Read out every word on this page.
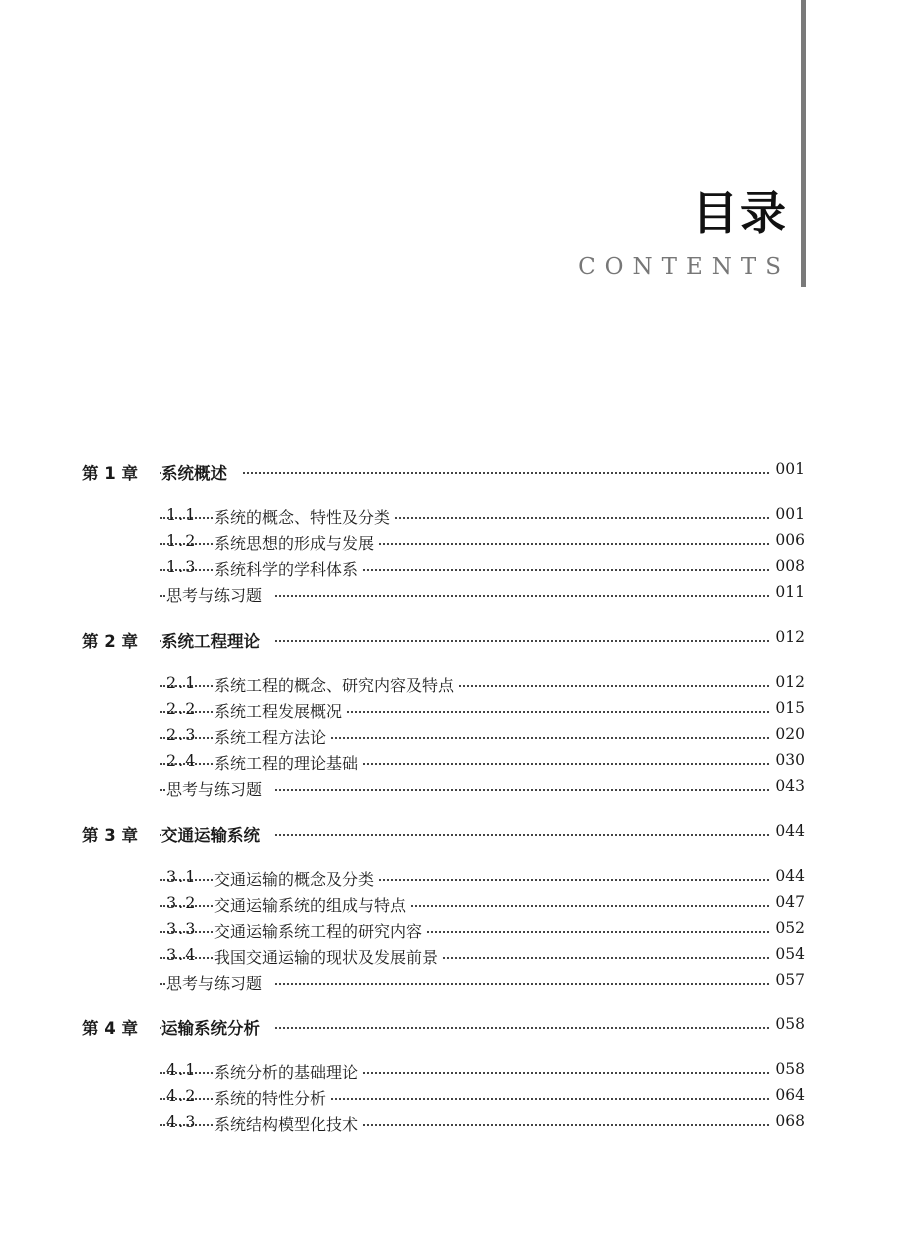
目录
CONTENTS
第 1 章 系统概述	001
1.1 系统的概念、特性及分类	001
1.2 系统思想的形成与发展	006
1.3 系统科学的学科体系	008
思考与练习题	011
第 2 章 系统工程理论	012
2.1 系统工程的概念、研究内容及特点	012
2.2 系统工程发展概况	015
2.3 系统工程方法论	020
2.4 系统工程的理论基础	030
思考与练习题	043
第 3 章 交通运输系统	044
3.1 交通运输的概念及分类	044
3.2 交通运输系统的组成与特点	047
3.3 交通运输系统工程的研究内容	052
3.4 我国交通运输的现状及发展前景	054
思考与练习题	057
第 4 章 运输系统分析	058
4.1 系统分析的基础理论	058
4.2 系统的特性分析	064
4.3 系统结构模型化技术	068
